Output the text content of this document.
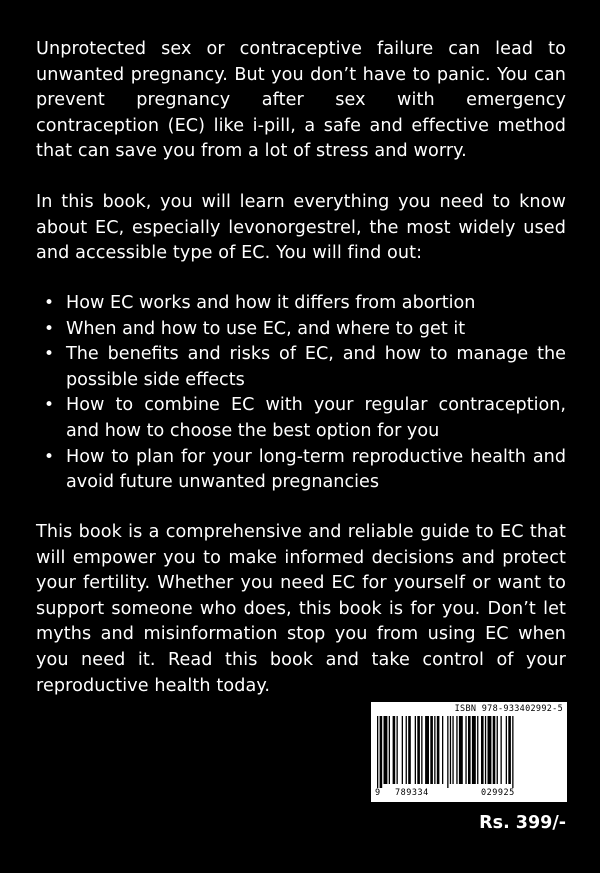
Unprotected sex or contraceptive failure can lead to unwanted pregnancy. But you don’t have to panic. You can prevent pregnancy after sex with emergency contraception (EC) like i-pill, a safe and effective method that can save you from a lot of stress and worry.

In this book, you will learn everything you need to know about EC, especially levonorgestrel, the most widely used and accessible type of EC. You will find out:

• How EC works and how it differs from abortion
• When and how to use EC, and where to get it
• The benefits and risks of EC, and how to manage the possible side effects
• How to combine EC with your regular contraception, and how to choose the best option for you
• How to plan for your long-term reproductive health and avoid future unwanted pregnancies

This book is a comprehensive and reliable guide to EC that will empower you to make informed decisions and protect your fertility. Whether you need EC for yourself or want to support someone who does, this book is for you. Don’t let myths and misinformation stop you from using EC when you need it. Read this book and take control of your reproductive health today.

ISBN 978-933402992-5
9 789334	029925
Rs. 399/-
